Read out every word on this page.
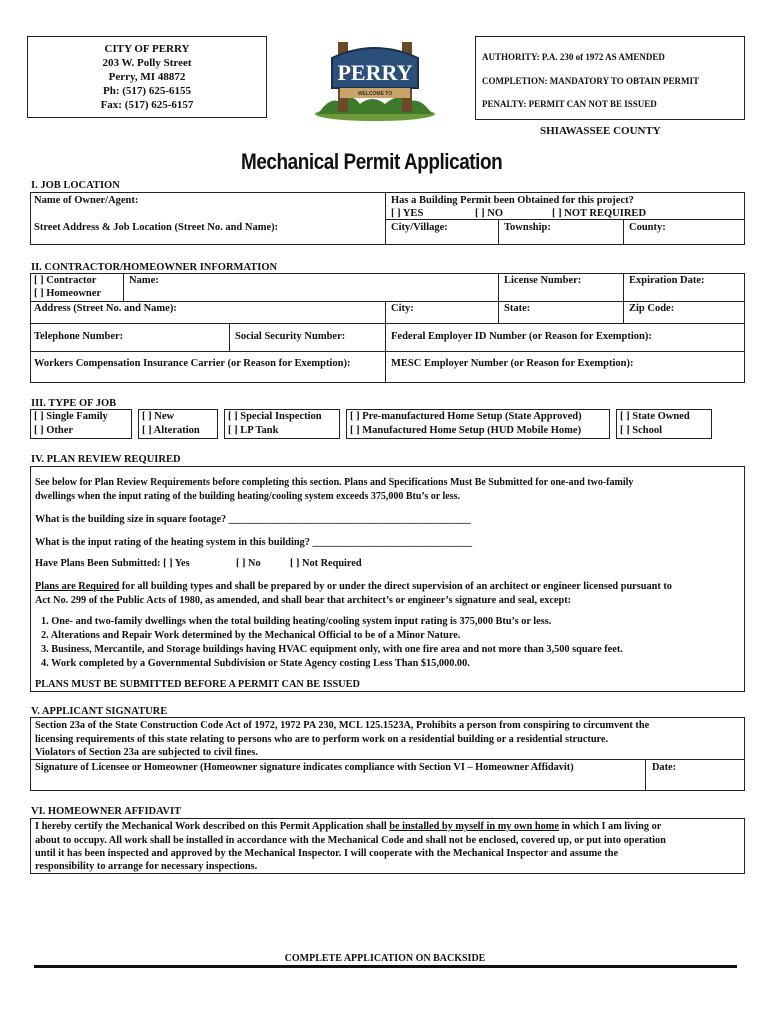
CITY OF PERRY
203 W. Polly Street
Perry, MI 48872
Ph: (517) 625-6155
Fax: (517) 625-6157
PERRY
WELCOME TO
AUTHORITY: P.A. 230 of 1972 AS AMENDED
COMPLETION: MANDATORY TO OBTAIN PERMIT
PENALTY: PERMIT CAN NOT BE ISSUED
SHIAWASSEE COUNTY
Mechanical Permit Application
I. JOB LOCATION
Name of Owner/Agent:
Street Address & Job Location (Street No. and Name):
Has a Building Permit been Obtained for this project?
[ ] YES	[ ] NO	[ ] NOT REQUIRED
City/Village:	Township:	County:
II. CONTRACTOR/HOMEOWNER INFORMATION
[ ] Contractor
[ ] Homeowner
Name:	License Number:	Expiration Date:
Address (Street No. and Name):	City:	State:	Zip Code:
Telephone Number:	Social Security Number:	Federal Employer ID Number (or Reason for Exemption):
Workers Compensation Insurance Carrier (or Reason for Exemption):	MESC Employer Number (or Reason for Exemption):
III. TYPE OF JOB
[ ] Single Family
[ ] Other
[ ] New
[ ] Alteration
[ ] Special Inspection
[ ] LP Tank
[ ] Pre-manufactured Home Setup (State Approved)
[ ] Manufactured Home Setup (HUD Mobile Home)
[ ] State Owned
[ ] School
IV. PLAN REVIEW REQUIRED
See below for Plan Review Requirements before completing this section. Plans and Specifications Must Be Submitted for one-and two-family
dwellings when the input rating of the building heating/cooling system exceeds 375,000 Btu’s or less.
What is the building size in square footage? _______________________________________________
What is the input rating of the heating system in this building? _______________________________
Have Plans Been Submitted: [ ] Yes	[ ] No	[ ] Not Required
Plans are Required for all building types and shall be prepared by or under the direct supervision of an architect or engineer licensed pursuant to
Act No. 299 of the Public Acts of 1980, as amended, and shall bear that architect’s or engineer’s signature and seal, except:
1. One- and two-family dwellings when the total building heating/cooling system input rating is 375,000 Btu’s or less.
2. Alterations and Repair Work determined by the Mechanical Official to be of a Minor Nature.
3. Business, Mercantile, and Storage buildings having HVAC equipment only, with one fire area and not more than 3,500 square feet.
4. Work completed by a Governmental Subdivision or State Agency costing Less Than $15,000.00.
PLANS MUST BE SUBMITTED BEFORE A PERMIT CAN BE ISSUED
V. APPLICANT SIGNATURE
Section 23a of the State Construction Code Act of 1972, 1972 PA 230, MCL 125.1523A, Prohibits a person from conspiring to circumvent the
licensing requirements of this state relating to persons who are to perform work on a residential building or a residential structure.
Violators of Section 23a are subjected to civil fines.
Signature of Licensee or Homeowner (Homeowner signature indicates compliance with Section VI – Homeowner Affidavit)	Date:
VI. HOMEOWNER AFFIDAVIT
I hereby certify the Mechanical Work described on this Permit Application shall be installed by myself in my own home in which I am living or
about to occupy. All work shall be installed in accordance with the Mechanical Code and shall not be enclosed, covered up, or put into operation
until it has been inspected and approved by the Mechanical Inspector. I will cooperate with the Mechanical Inspector and assume the
responsibility to arrange for necessary inspections.
COMPLETE APPLICATION ON BACKSIDE
